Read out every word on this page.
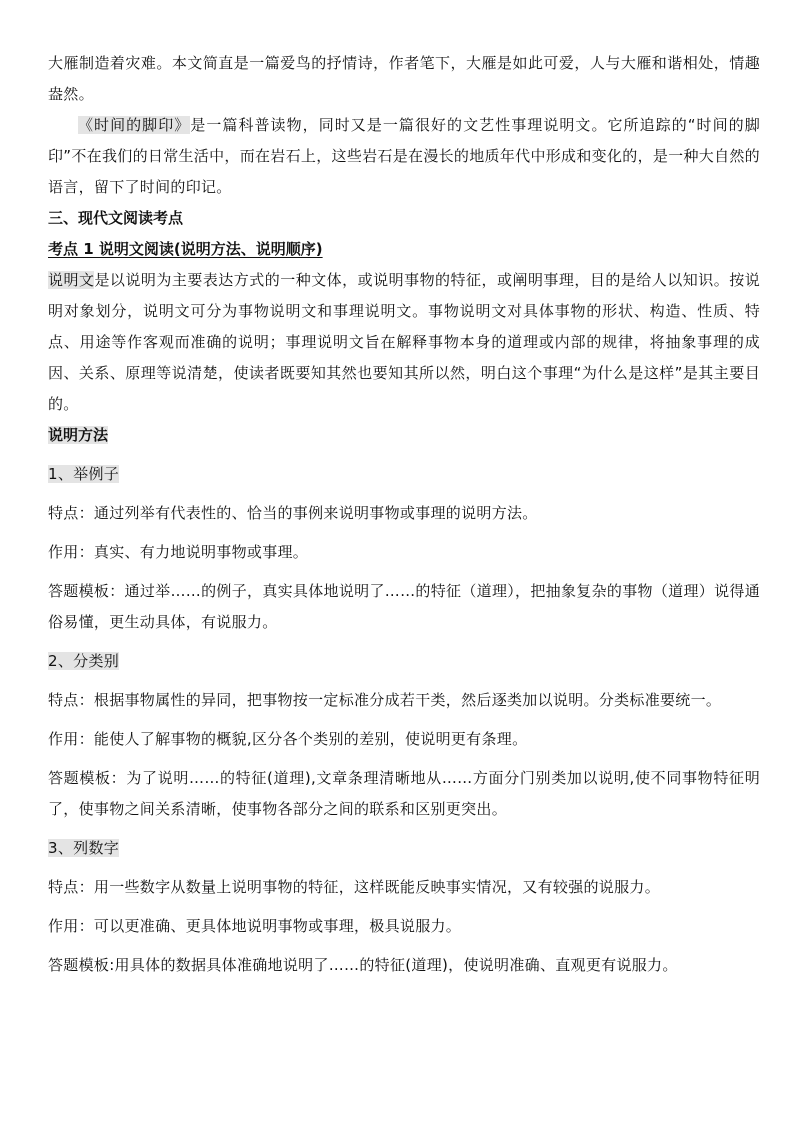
大雁制造着灾难。本文简直是一篇爱鸟的抒情诗，作者笔下，大雁是如此可爱，人与大雁和谐相处，情趣盎然。

《时间的脚印》是一篇科普读物，同时又是一篇很好的文艺性事理说明文。它所追踪的“时间的脚印”不在我们的日常生活中，而在岩石上，这些岩石是在漫长的地质年代中形成和变化的，是一种大自然的语言，留下了时间的印记。

三、现代文阅读考点

考点 1 说明文阅读(说明方法、说明顺序)

说明文是以说明为主要表达方式的一种文体，或说明事物的特征，或阐明事理，目的是给人以知识。按说明对象划分，说明文可分为事物说明文和事理说明文。事物说明文对具体事物的形状、构造、性质、特点、用途等作客观而准确的说明；事理说明文旨在解释事物本身的道理或内部的规律，将抽象事理的成因、关系、原理等说清楚，使读者既要知其然也要知其所以然，明白这个事理“为什么是这样”是其主要目的。

说明方法

1、举例子

特点：通过列举有代表性的、恰当的事例来说明事物或事理的说明方法。

作用：真实、有力地说明事物或事理。

答题模板：通过举……的例子，真实具体地说明了……的特征（道理），把抽象复杂的事物（道理）说得通俗易懂，更生动具体，有说服力。

2、分类别

特点：根据事物属性的异同，把事物按一定标准分成若干类，然后逐类加以说明。分类标准要统一。

作用：能使人了解事物的概貌,区分各个类别的差别，使说明更有条理。

答题模板：为了说明……的特征(道理),文章条理清晰地从……方面分门别类加以说明,使不同事物特征明了，使事物之间关系清晰，使事物各部分之间的联系和区别更突出。

3、列数字

特点：用一些数字从数量上说明事物的特征，这样既能反映事实情况，又有较强的说服力。

作用：可以更准确、更具体地说明事物或事理，极具说服力。

答题模板:用具体的数据具体准确地说明了……的特征(道理)，使说明准确、直观更有说服力。
